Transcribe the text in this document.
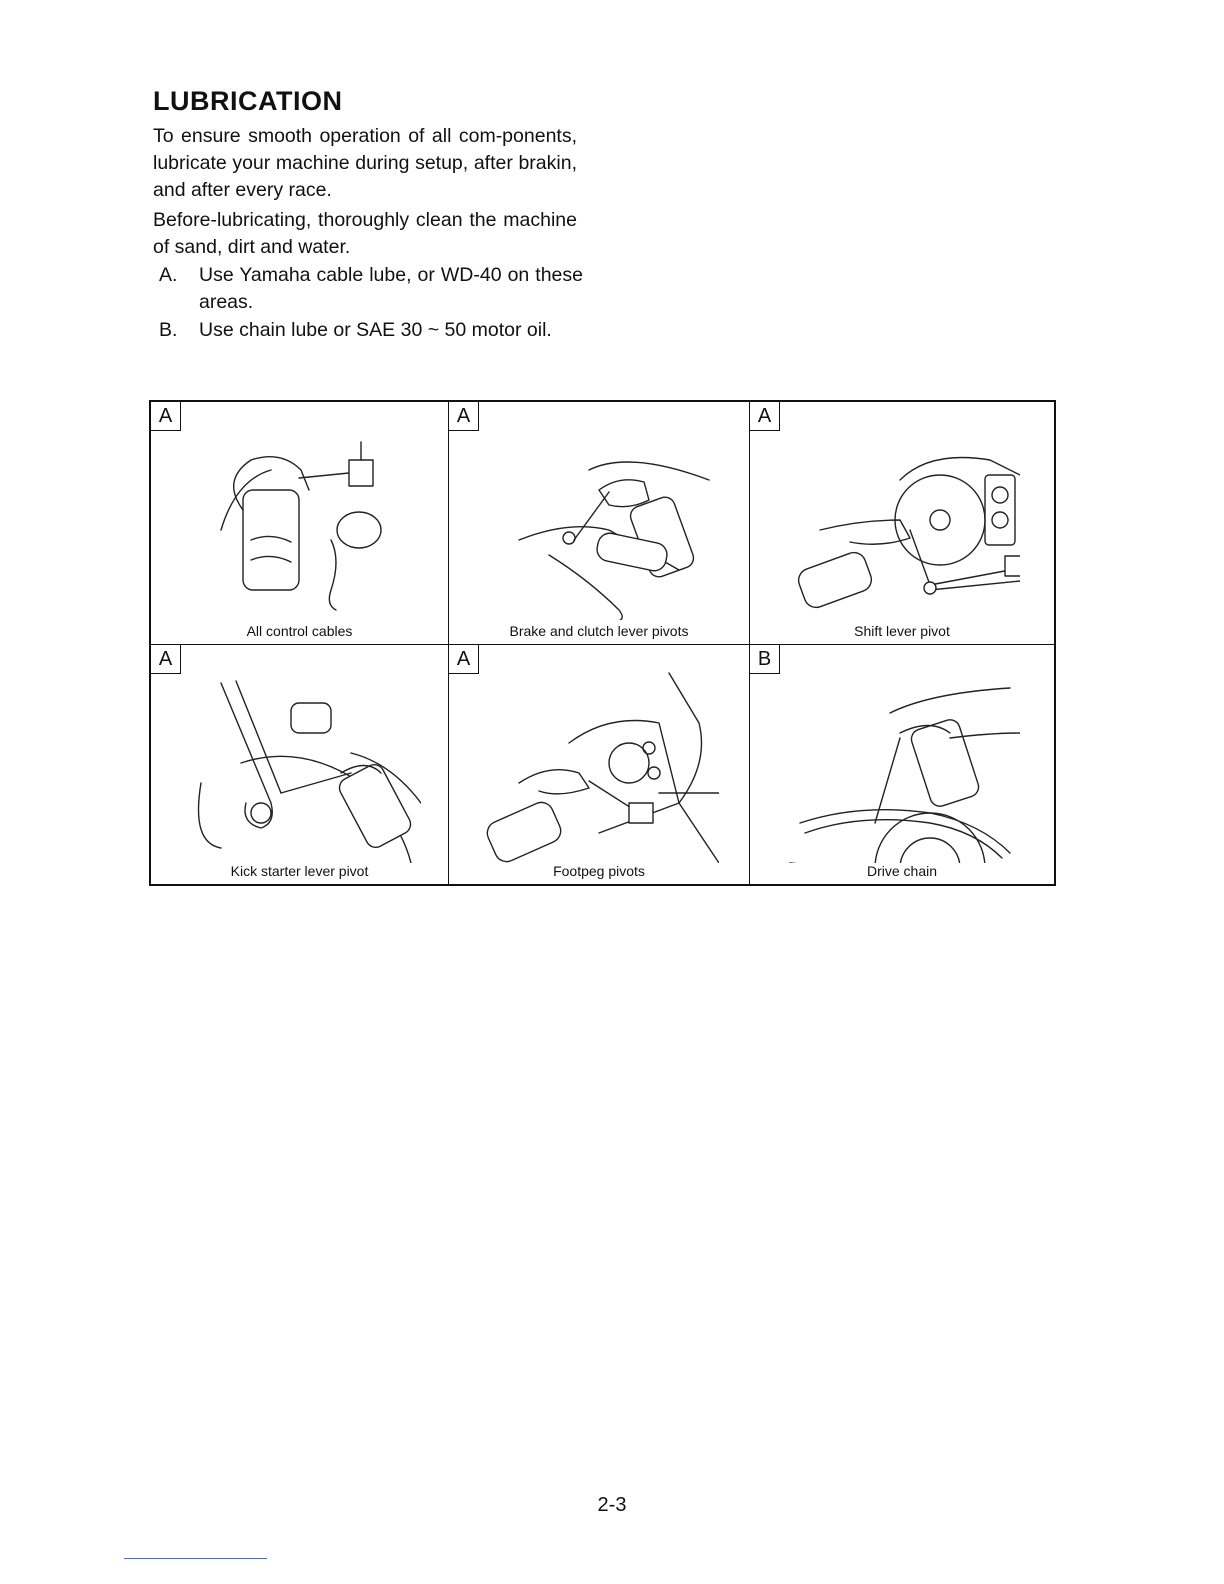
LUBRICATION

To ensure smooth operation of all com-ponents, lubricate your machine during setup, after brakin, and after every race.

Before-lubricating, thoroughly clean the machine of sand, dirt and water.

A.	Use Yamaha cable lube, or WD-40 on these areas.
B.	Use chain lube or SAE 30 ~ 50 motor oil.
A
All control cables
A
Brake and clutch lever pivots
A
Shift lever pivot
A
Kick starter lever pivot
A
Footpeg pivots
B
Drive chain
2-3
